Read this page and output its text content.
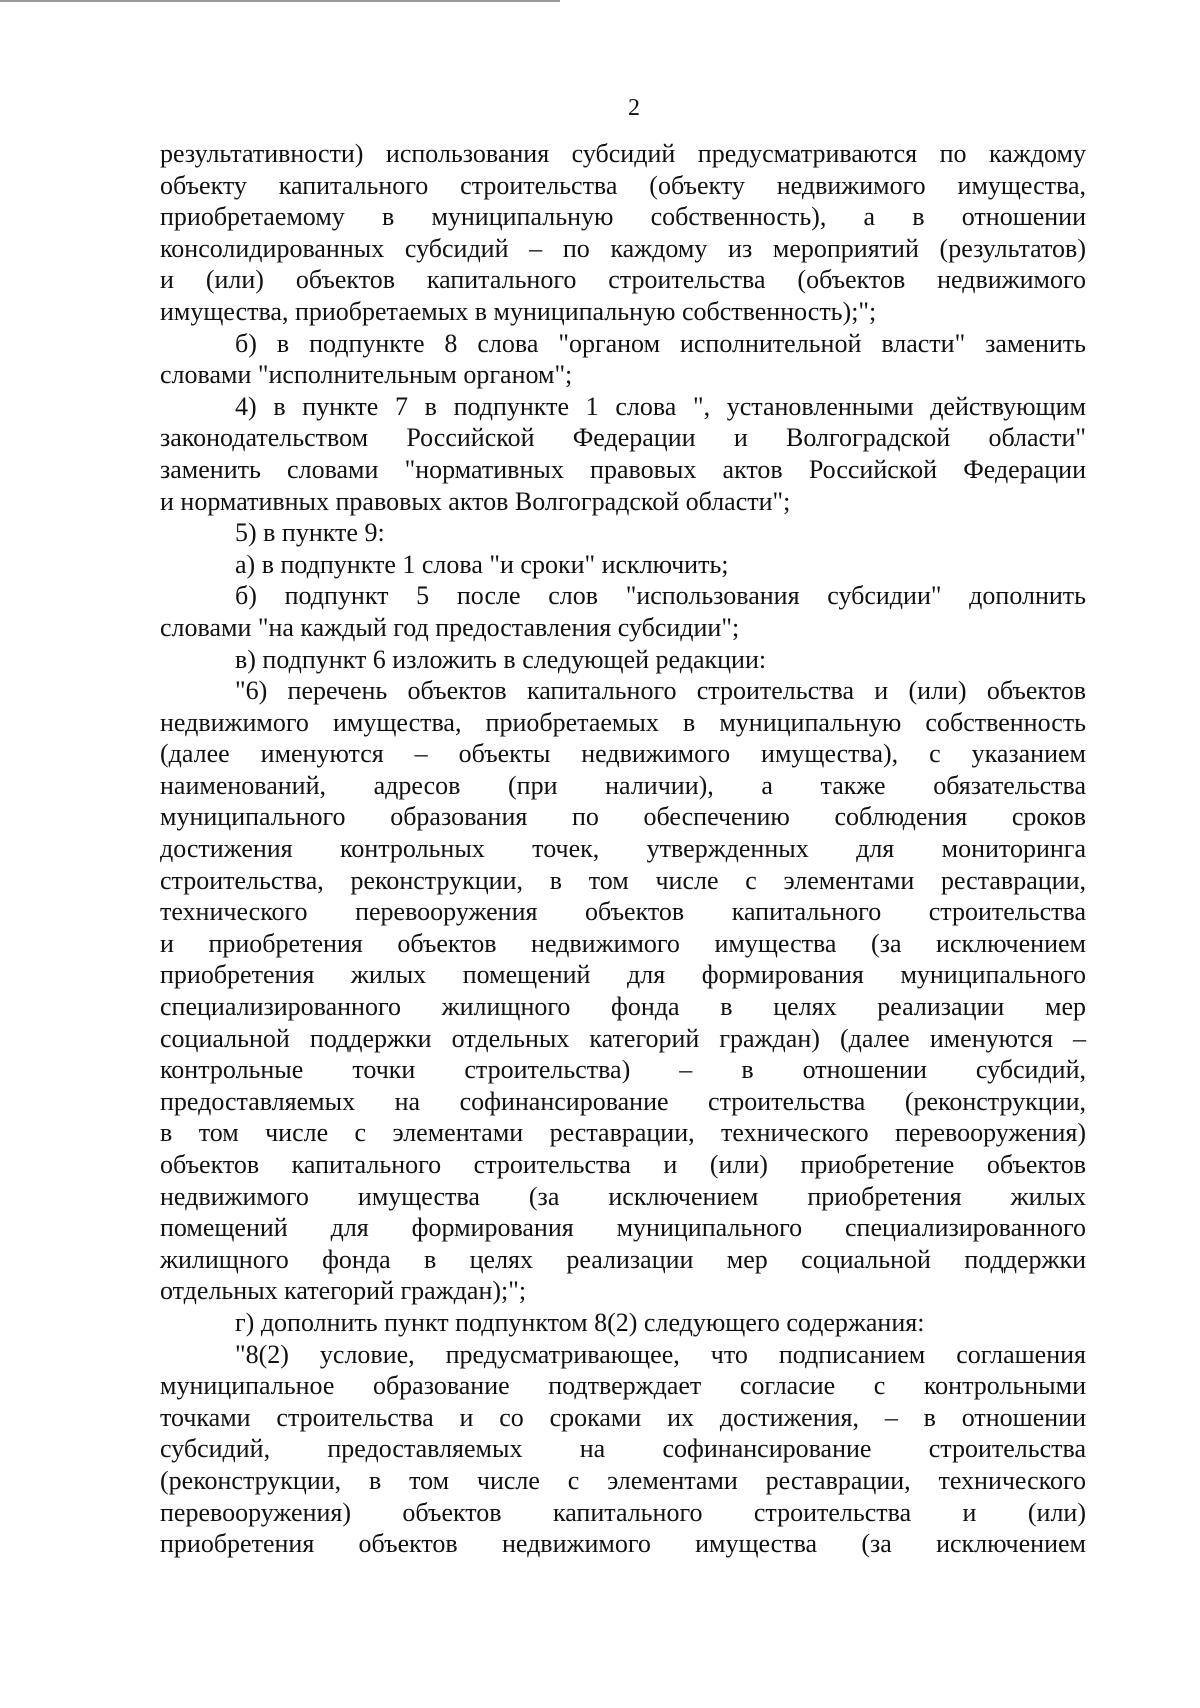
2
результативности) использования субсидий предусматриваются по каждому
объекту капитального строительства (объекту недвижимого имущества,
приобретаемому в муниципальную собственность), а в отношении
консолидированных субсидий – по каждому из мероприятий (результатов)
и (или) объектов капитального строительства (объектов недвижимого
имущества, приобретаемых в муниципальную собственность);";
б) в подпункте 8 слова "органом исполнительной власти" заменить
словами "исполнительным органом";
4) в пункте 7 в подпункте 1 слова ", установленными действующим
законодательством Российской Федерации и Волгоградской области"
заменить словами "нормативных правовых актов Российской Федерации
и нормативных правовых актов Волгоградской области";
5) в пункте 9:
а) в подпункте 1 слова "и сроки" исключить;
б) подпункт 5 после слов "использования субсидии" дополнить
словами "на каждый год предоставления субсидии";
в) подпункт 6 изложить в следующей редакции:
"6) перечень объектов капитального строительства и (или) объектов
недвижимого имущества, приобретаемых в муниципальную собственность
(далее именуются – объекты недвижимого имущества), с указанием
наименований, адресов (при наличии), а также обязательства
муниципального образования по обеспечению соблюдения сроков
достижения контрольных точек, утвержденных для мониторинга
строительства, реконструкции, в том числе с элементами реставрации,
технического перевооружения объектов капитального строительства
и приобретения объектов недвижимого имущества (за исключением
приобретения жилых помещений для формирования муниципального
специализированного жилищного фонда в целях реализации мер
социальной поддержки отдельных категорий граждан) (далее именуются –
контрольные точки строительства) – в отношении субсидий,
предоставляемых на софинансирование строительства (реконструкции,
в том числе с элементами реставрации, технического перевооружения)
объектов капитального строительства и (или) приобретение объектов
недвижимого имущества (за исключением приобретения жилых
помещений для формирования муниципального специализированного
жилищного фонда в целях реализации мер социальной поддержки
отдельных категорий граждан);";
г) дополнить пункт подпунктом 8(2) следующего содержания:
"8(2) условие, предусматривающее, что подписанием соглашения
муниципальное образование подтверждает согласие с контрольными
точками строительства и со сроками их достижения, – в отношении
субсидий, предоставляемых на софинансирование строительства
(реконструкции, в том числе с элементами реставрации, технического
перевооружения) объектов капитального строительства и (или)
приобретения объектов недвижимого имущества (за исключением
